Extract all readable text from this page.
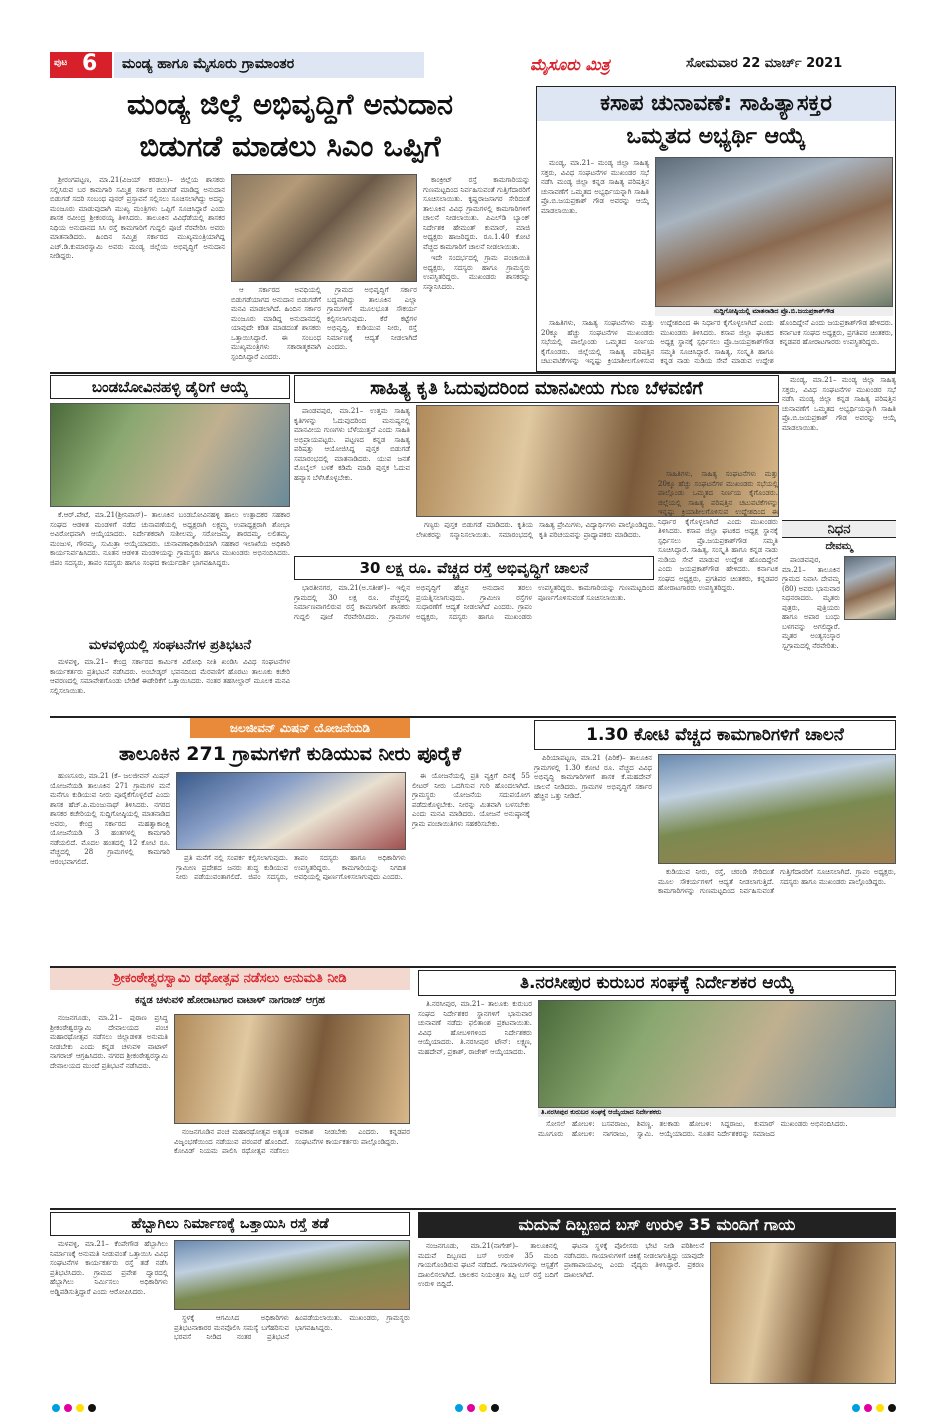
ಪುಟ 6 ಮಂಡ್ಯ ಹಾಗೂ ಮೈಸೂರು ಗ್ರಾಮಾಂತರ	ಮೈಸೂರು ಮಿತ್ರ	ಸೋಮವಾರ 22 ಮಾರ್ಚ್ 2021
ಮಂಡ್ಯ ಜಿಲ್ಲೆ ಅಭಿವೃದ್ಧಿಗೆ ಅನುದಾನ
ಬಿಡುಗಡೆ ಮಾಡಲು ಸಿಎಂ ಒಪ್ಪಿಗೆ

ಶ್ರೀರಂಗಪಟ್ಟಣ, ಮಾ.21(ವಿಜಯ್ ಕರಡಲು)– ಜಿಲ್ಲೆಯ ಶಾಸಕರು ಸಲ್ಲಿಸಿರುವ ಬರ ಕಾಮಗಾರಿ ಸಮ್ಮಿಶ್ರ ಸರ್ಕಾರ ಬಿಡುಗಡೆ ಮಾಡಿದ್ದ ಅನುದಾನ ಬಿಡುಗಡೆ ಸದರಿ ಸಂಬಂಧ ಪುನರ್ ಪ್ರಸ್ತಾವನೆ ಸಲ್ಲಿಸಲು ಸೂಚಿಸಲಾಗಿದ್ದು ಅದನ್ನು ಮಂಜೂರು ಮಾಡುವುದಾಗಿ ಮುಖ್ಯ ಮಂತ್ರಿಗಳು ಒಪ್ಪಿಗೆ ಸೂಚಿಸಿದ್ದಾರೆ ಎಂದು ಶಾಸಕ ರವೀಂದ್ರ ಶ್ರೀಕಂಠಯ್ಯ ತಿಳಿಸಿದರು. ತಾಲೂಕಿನ ವಿವಿಧೆಡೆಯಲ್ಲಿ ಶಾಸಕರ ನಿಧಿಯ ಅನುದಾನದ ಸಿಸಿ ರಸ್ತೆ ಕಾಮಗಾರಿಗೆ ಗುದ್ದಲಿ ಪೂಜೆ ನೆರವೇರಿಸಿ ಅವರು ಮಾತನಾಡಿದರು. ಹಿಂದಿನ ಸಮ್ಮಿಶ್ರ ಸರ್ಕಾರದ ಮುಖ್ಯಮಂತ್ರಿಯಾಗಿದ್ದ ಎಚ್.ಡಿ.ಕುಮಾರಸ್ವಾಮಿ ಅವರು ಮಂಡ್ಯ ಜಿಲ್ಲೆಯ ಅಭಿವೃದ್ಧಿಗೆ ಅನುದಾನ ನೀಡಿದ್ದರು.

ಆ ಸರ್ಕಾರದ ಅವಧಿಯಲ್ಲಿ ಬಿಡುಗಡೆಯಾಗದ ಅನುದಾನ ಬಿಡುಗಡೆಗೆ ಮನವಿ ಮಾಡಲಾಗಿದೆ. ಹಿಂದಿನ ಸರ್ಕಾರ ಮಂಜೂರು ಮಾಡಿದ್ದ ಅನುದಾನದಲ್ಲಿ ಯಾವುದೇ ಕಡಿತ ಮಾಡದಂತೆ ಶಾಸಕರು ಒತ್ತಾಯಿಸಿದ್ದಾರೆ. ಈ ಸಂಬಂಧ ಮುಖ್ಯಮಂತ್ರಿಗಳು ಸಕಾರಾತ್ಮಕವಾಗಿ ಸ್ಪಂದಿಸಿದ್ದಾರೆ ಎಂದರು.

ಗ್ರಾಮದ ಅಭಿವೃದ್ಧಿಗೆ ಸರ್ಕಾರ ಬದ್ಧವಾಗಿದ್ದು ತಾಲೂಕಿನ ಎಲ್ಲಾ ಗ್ರಾಮಗಳಿಗೆ ಮೂಲಭೂತ ಸೌಕರ್ಯ ಕಲ್ಪಿಸಲಾಗುವುದು. ಕೆರೆ ಕಟ್ಟೆಗಳ ಅಭಿವೃದ್ಧಿ, ಕುಡಿಯುವ ನೀರು, ರಸ್ತೆ ನಿರ್ಮಾಣಕ್ಕೆ ಆದ್ಯತೆ ನೀಡಲಾಗಿದೆ ಎಂದರು.

ಕಾಂಕ್ರೀಟ್ ರಸ್ತೆ ಕಾಮಗಾರಿಯನ್ನು ಗುಣಮಟ್ಟದಿಂದ ನಿರ್ವಹಿಸುವಂತೆ ಗುತ್ತಿಗೆದಾರರಿಗೆ ಸೂಚಿಸಲಾಯಿತು. ಕೃಷ್ಣರಾಜಸಾಗರ ಸೇರಿದಂತೆ ತಾಲೂಕಿನ ವಿವಿಧ ಗ್ರಾಮಗಳಲ್ಲಿ ಕಾಮಗಾರಿಗಳಿಗೆ ಚಾಲನೆ ನೀಡಲಾಯಿತು. ಪಿಎಲ್‌ಡಿ ಬ್ಯಾಂಕ್ ನಿರ್ದೇಶಕ ಹೇಮಂತ್ ಕುಮಾರ್, ಮಾಜಿ ಅಧ್ಯಕ್ಷರು ಹಾಜರಿದ್ದರು. ರೂ.1.40 ಕೋಟಿ ವೆಚ್ಚದ ಕಾಮಗಾರಿಗೆ ಚಾಲನೆ ನೀಡಲಾಯಿತು.

ಇದೇ ಸಂದರ್ಭದಲ್ಲಿ ಗ್ರಾಮ ಪಂಚಾಯಿತಿ ಅಧ್ಯಕ್ಷರು, ಸದಸ್ಯರು ಹಾಗೂ ಗ್ರಾಮಸ್ಥರು ಉಪಸ್ಥಿತರಿದ್ದರು. ಮುಖಂಡರು ಶಾಸಕರನ್ನು ಸನ್ಮಾನಿಸಿದರು.

ಕಸಾಪ ಚುನಾವಣೆ: ಸಾಹಿತ್ಯಾಸಕ್ತರ
ಒಮ್ಮತದ ಅಭ್ಯರ್ಥಿ ಆಯ್ಕೆ

ಮಂಡ್ಯ, ಮಾ.21– ಮಂಡ್ಯ ಜಿಲ್ಲಾ ಸಾಹಿತ್ಯ ಸಕ್ತರು, ವಿವಿಧ ಸಂಘಟನೆಗಳ ಮುಖಂಡರ ಸಭೆ ನಡೆಸಿ ಮಂಡ್ಯ ಜಿಲ್ಲಾ ಕನ್ನಡ ಸಾಹಿತ್ಯ ಪರಿಷತ್ತಿನ ಚುನಾವಣೆಗೆ ಒಮ್ಮತದ ಅಭ್ಯರ್ಥಿಯನ್ನಾಗಿ ಸಾಹಿತಿ ಪ್ರೊ.ಬಿ.ಜಯಪ್ರಕಾಶ್ ಗೌಡ ಅವರನ್ನು ಆಯ್ಕೆ ಮಾಡಲಾಯಿತು.

ಸುದ್ದಿಗೋಷ್ಠಿಯಲ್ಲಿ ಮಾತನಾಡಿದ ಪ್ರೊ.ಬಿ.ಜಯಪ್ರಕಾಶ್‌ಗೌಡ

ಸಾಹಿತಿಗಳು, ಸಾಹಿತ್ಯ ಸಂಘಟನೆಗಳು ಮತ್ತು 20ಕ್ಕೂ ಹೆಚ್ಚು ಸಂಘಟನೆಗಳ ಮುಖಂಡರು ಸಭೆಯಲ್ಲಿ ಪಾಲ್ಗೊಂಡು ಒಮ್ಮತದ ನಿರ್ಣಯ ಕೈಗೊಂಡರು. ಜಿಲ್ಲೆಯಲ್ಲಿ ಸಾಹಿತ್ಯ ಪರಿಷತ್ತಿನ ಚಟುವಟಿಕೆಗಳನ್ನು ಇನ್ನಷ್ಟು ಕ್ರಿಯಾಶೀಲಗೊಳಿಸುವ ಉದ್ದೇಶದಿಂದ ಈ ನಿರ್ಧಾರ ಕೈಗೊಳ್ಳಲಾಗಿದೆ ಎಂದು ಮುಖಂಡರು ತಿಳಿಸಿದರು. ಕಸಾಪ ಜಿಲ್ಲಾ ಘಟಕದ ಅಧ್ಯಕ್ಷ ಸ್ಥಾನಕ್ಕೆ ಸ್ಪರ್ಧಿಸಲು ಪ್ರೊ.ಜಯಪ್ರಕಾಶ್‌ಗೌಡ ಸಮ್ಮತಿ ಸೂಚಿಸಿದ್ದಾರೆ. ಸಾಹಿತ್ಯ, ಸಂಸ್ಕೃತಿ ಹಾಗೂ ಕನ್ನಡ ನಾಡು ನುಡಿಯ ಸೇವೆ ಮಾಡುವ ಉದ್ದೇಶ ಹೊಂದಿದ್ದೇನೆ ಎಂದು ಜಯಪ್ರಕಾಶ್‌ಗೌಡ ಹೇಳಿದರು. ಕರ್ನಾಟಕ ಸಂಘದ ಅಧ್ಯಕ್ಷರು, ಪ್ರಗತಿಪರ ಚಿಂತಕರು, ಕನ್ನಡಪರ ಹೋರಾಟಗಾರರು ಉಪಸ್ಥಿತರಿದ್ದರು.

ಬಂಡಬೋವಿನಹಳ್ಳಿ ಡೈರಿಗೆ ಆಯ್ಕೆ

ಕೆ.ಆರ್.ಪೇಟೆ, ಮಾ.21(ಶ್ರೀನಿವಾಸ್)– ತಾಲೂಕಿನ ಬಂಡಬೋವಿನಹಳ್ಳಿ ಹಾಲು ಉತ್ಪಾದಕರ ಸಹಕಾರ ಸಂಘದ ಆಡಳಿತ ಮಂಡಳಿಗೆ ನಡೆದ ಚುನಾವಣೆಯಲ್ಲಿ ಅಧ್ಯಕ್ಷರಾಗಿ ಲಕ್ಷ್ಮಮ್ಮ ಉಪಾಧ್ಯಕ್ಷರಾಗಿ ಶೋಭಾ ಅವಿರೋಧವಾಗಿ ಆಯ್ಕೆಯಾದರು. ನಿರ್ದೇಶಕರಾಗಿ ಸುಶೀಲಮ್ಮ, ಸರೋಜಮ್ಮ, ಶಾರದಮ್ಮ, ಲಲಿತಮ್ಮ, ಮಂಜುಳ, ಗೌರಮ್ಮ, ಸುಮಿತ್ರಾ ಆಯ್ಕೆಯಾದರು. ಚುನಾವಣಾಧಿಕಾರಿಯಾಗಿ ಸಹಕಾರ ಇಲಾಖೆಯ ಅಧಿಕಾರಿ ಕಾರ್ಯನಿರ್ವಹಿಸಿದರು. ನೂತನ ಆಡಳಿತ ಮಂಡಳಿಯನ್ನು ಗ್ರಾಮಸ್ಥರು ಹಾಗೂ ಮುಖಂಡರು ಅಭಿನಂದಿಸಿದರು. ಜಿಪಂ ಸದಸ್ಯರು, ತಾಪಂ ಸದಸ್ಯರು ಹಾಗೂ ಸಂಘದ ಕಾರ್ಯದರ್ಶಿ ಭಾಗವಹಿಸಿದ್ದರು.

ಮಳವಳ್ಳಿಯಲ್ಲಿ ಸಂಘಟನೆಗಳ ಪ್ರತಿಭಟನೆ

ಮಳವಳ್ಳಿ, ಮಾ.21– ಕೇಂದ್ರ ಸರ್ಕಾರದ ಕಾರ್ಮಿಕ ವಿರೋಧಿ ನೀತಿ ಖಂಡಿಸಿ ವಿವಿಧ ಸಂಘಟನೆಗಳ ಕಾರ್ಯಕರ್ತರು ಪ್ರತಿಭಟನೆ ನಡೆಸಿದರು. ಅಂಬೇಡ್ಕರ್ ಭವನದಿಂದ ಮೆರವಣಿಗೆ ಹೊರಟು ತಾಲೂಕು ಕಚೇರಿ ಆವರಣದಲ್ಲಿ ಸಮಾವೇಶಗೊಂಡು ಬೇಡಿಕೆ ಈಡೇರಿಕೆಗೆ ಒತ್ತಾಯಿಸಿದರು. ನಂತರ ತಹಸೀಲ್ದಾರ್ ಮೂಲಕ ಮನವಿ ಸಲ್ಲಿಸಲಾಯಿತು.

ಸಾಹಿತ್ಯ ಕೃತಿ ಓದುವುದರಿಂದ ಮಾನವೀಯ ಗುಣ ಬೆಳವಣಿಗೆ

ಪಾಂಡವಪುರ, ಮಾ.21– ಉತ್ತಮ ಸಾಹಿತ್ಯ ಕೃತಿಗಳನ್ನು ಓದುವುದರಿಂದ ಮನುಷ್ಯನಲ್ಲಿ ಮಾನವೀಯ ಗುಣಗಳು ಬೆಳೆಯುತ್ತವೆ ಎಂದು ಸಾಹಿತಿ ಅಭಿಪ್ರಾಯಪಟ್ಟರು. ಪಟ್ಟಣದ ಕನ್ನಡ ಸಾಹಿತ್ಯ ಪರಿಷತ್ತು ಆಯೋಜಿಸಿದ್ದ ಪುಸ್ತಕ ಬಿಡುಗಡೆ ಸಮಾರಂಭದಲ್ಲಿ ಮಾತನಾಡಿದರು. ಯುವ ಜನತೆ ಮೊಬೈಲ್ ಬಳಕೆ ಕಡಿಮೆ ಮಾಡಿ ಪುಸ್ತಕ ಓದುವ ಹವ್ಯಾಸ ಬೆಳೆಸಿಕೊಳ್ಳಬೇಕು.

ಗಣ್ಯರು ಪುಸ್ತಕ ಬಿಡುಗಡೆ ಮಾಡಿದರು. ಕೃತಿಯ ಲೇಖಕರನ್ನು ಸನ್ಮಾನಿಸಲಾಯಿತು. ಸಮಾರಂಭದಲ್ಲಿ ಸಾಹಿತ್ಯ ಪ್ರೇಮಿಗಳು, ವಿದ್ಯಾರ್ಥಿಗಳು ಪಾಲ್ಗೊಂಡಿದ್ದರು. ಕೃತಿ ಪರಿಚಯವನ್ನು ಪ್ರಾಧ್ಯಾಪಕರು ಮಾಡಿದರು.

30 ಲಕ್ಷ ರೂ. ವೆಚ್ಚದ ರಸ್ತೆ ಅಭಿವೃದ್ಧಿಗೆ ಚಾಲನೆ

ಭಾರತೀನಗರ, ಮಾ.21(ಅ.ಸತೀಶ್)– ಇಲ್ಲಿನ ಗ್ರಾಮದಲ್ಲಿ 30 ಲಕ್ಷ ರೂ. ವೆಚ್ಚದಲ್ಲಿ ನಿರ್ಮಾಣವಾಗಲಿರುವ ರಸ್ತೆ ಕಾಮಗಾರಿಗೆ ಶಾಸಕರು ಗುದ್ದಲಿ ಪೂಜೆ ನೆರವೇರಿಸಿದರು. ಗ್ರಾಮಗಳ ಅಭಿವೃದ್ಧಿಗೆ ಹೆಚ್ಚಿನ ಅನುದಾನ ತರಲು ಪ್ರಯತ್ನಿಸಲಾಗುವುದು. ಗ್ರಾಮೀಣ ರಸ್ತೆಗಳ ಸುಧಾರಣೆಗೆ ಆದ್ಯತೆ ನೀಡಲಾಗಿದೆ ಎಂದರು. ಗ್ರಾಪಂ ಅಧ್ಯಕ್ಷರು, ಸದಸ್ಯರು ಹಾಗೂ ಮುಖಂಡರು ಉಪಸ್ಥಿತರಿದ್ದರು. ಕಾಮಗಾರಿಯನ್ನು ಗುಣಮಟ್ಟದಿಂದ ಪೂರ್ಣಗೊಳಿಸುವಂತೆ ಸೂಚಿಸಲಾಯಿತು.

ಸಾಹಿತಿಗಳು, ಸಾಹಿತ್ಯ ಸಂಘಟನೆಗಳು ಮತ್ತು 20ಕ್ಕೂ ಹೆಚ್ಚು ಸಂಘಟನೆಗಳ ಮುಖಂಡರು ಸಭೆಯಲ್ಲಿ ಪಾಲ್ಗೊಂಡು ಒಮ್ಮತದ ನಿರ್ಣಯ ಕೈಗೊಂಡರು. ಜಿಲ್ಲೆಯಲ್ಲಿ ಸಾಹಿತ್ಯ ಪರಿಷತ್ತಿನ ಚಟುವಟಿಕೆಗಳನ್ನು ಇನ್ನಷ್ಟು ಕ್ರಿಯಾಶೀಲಗೊಳಿಸುವ ಉದ್ದೇಶದಿಂದ ಈ ನಿರ್ಧಾರ ಕೈಗೊಳ್ಳಲಾಗಿದೆ ಎಂದು ಮುಖಂಡರು ತಿಳಿಸಿದರು. ಕಸಾಪ ಜಿಲ್ಲಾ ಘಟಕದ ಅಧ್ಯಕ್ಷ ಸ್ಥಾನಕ್ಕೆ ಸ್ಪರ್ಧಿಸಲು ಪ್ರೊ.ಜಯಪ್ರಕಾಶ್‌ಗೌಡ ಸಮ್ಮತಿ ಸೂಚಿಸಿದ್ದಾರೆ. ಸಾಹಿತ್ಯ, ಸಂಸ್ಕೃತಿ ಹಾಗೂ ಕನ್ನಡ ನಾಡು ನುಡಿಯ ಸೇವೆ ಮಾಡುವ ಉದ್ದೇಶ ಹೊಂದಿದ್ದೇನೆ ಎಂದು ಜಯಪ್ರಕಾಶ್‌ಗೌಡ ಹೇಳಿದರು. ಕರ್ನಾಟಕ ಸಂಘದ ಅಧ್ಯಕ್ಷರು, ಪ್ರಗತಿಪರ ಚಿಂತಕರು, ಕನ್ನಡಪರ ಹೋರಾಟಗಾರರು ಉಪಸ್ಥಿತರಿದ್ದರು.

ಮಂಡ್ಯ, ಮಾ.21– ಮಂಡ್ಯ ಜಿಲ್ಲಾ ಸಾಹಿತ್ಯ ಸಕ್ತರು, ವಿವಿಧ ಸಂಘಟನೆಗಳ ಮುಖಂಡರ ಸಭೆ ನಡೆಸಿ ಮಂಡ್ಯ ಜಿಲ್ಲಾ ಕನ್ನಡ ಸಾಹಿತ್ಯ ಪರಿಷತ್ತಿನ ಚುನಾವಣೆಗೆ ಒಮ್ಮತದ ಅಭ್ಯರ್ಥಿಯನ್ನಾಗಿ ಸಾಹಿತಿ ಪ್ರೊ.ಬಿ.ಜಯಪ್ರಕಾಶ್ ಗೌಡ ಅವರನ್ನು ಆಯ್ಕೆ ಮಾಡಲಾಯಿತು.

ನಿಧನ
ದೇವಮ್ಮ

ಪಾಂಡವಪುರ, ಮಾ.21– ತಾಲೂಕಿನ ಗ್ರಾಮದ ನಿವಾಸಿ ದೇವಮ್ಮ (80) ಅವರು ಭಾನುವಾರ ನಿಧನರಾದರು. ಮೃತರು ಪುತ್ರರು, ಪುತ್ರಿಯರು ಹಾಗೂ ಅಪಾರ ಬಂಧು ಬಳಗವನ್ನು ಅಗಲಿದ್ದಾರೆ. ಮೃತರ ಅಂತ್ಯಸಂಸ್ಕಾರ ಸ್ವಗ್ರಾಮದಲ್ಲಿ ನೆರವೇರಿತು.

ಜಲಜೀವನ್ ಮಿಷನ್ ಯೋಜನೆಯಡಿ
ತಾಲೂಕಿನ 271 ಗ್ರಾಮಗಳಿಗೆ ಕುಡಿಯುವ ನೀರು ಪೂರೈಕೆ

ಹುಣಸೂರು, ಮಾ.21 (ಕೆ– ಜಲಜೀವನ್ ಮಿಷನ್ ಯೋಜನೆಯಡಿ ತಾಲೂಕಿನ 271 ಗ್ರಾಮಗಳ ಮನೆ ಮನೆಗೂ ಕುಡಿಯುವ ನೀರು ಪೂರೈಕೆಗೊಳ್ಳಲಿದೆ ಎಂದು ಶಾಸಕ ಹೆಚ್.ಪಿ.ಮಂಜುನಾಥ್ ತಿಳಿಸಿದರು. ನಗರದ ಶಾಸಕರ ಕಚೇರಿಯಲ್ಲಿ ಸುದ್ದಿಗೋಷ್ಠಿಯಲ್ಲಿ ಮಾತನಾಡಿದ ಅವರು, ಕೇಂದ್ರ ಸರ್ಕಾರದ ಮಹತ್ವಾಕಾಂಕ್ಷಿ ಯೋಜನೆಯಡಿ 3 ಹಂತಗಳಲ್ಲಿ ಕಾಮಗಾರಿ ನಡೆಯಲಿದೆ. ಮೊದಲ ಹಂತದಲ್ಲಿ 12 ಕೋಟಿ ರೂ. ವೆಚ್ಚದಲ್ಲಿ 28 ಗ್ರಾಮಗಳಲ್ಲಿ ಕಾಮಗಾರಿ ಆರಂಭವಾಗಲಿದೆ.	ಪ್ರತಿ ಮನೆಗೆ ನಲ್ಲಿ ಸಂಪರ್ಕ ಕಲ್ಪಿಸಲಾಗುವುದು. ಗ್ರಾಮೀಣ ಪ್ರದೇಶದ ಜನರು ಶುದ್ಧ ಕುಡಿಯುವ ನೀರು ಪಡೆಯುವಂತಾಗಲಿದೆ. ಜಿಪಂ ಸದಸ್ಯರು, ತಾಪಂ ಸದಸ್ಯರು ಹಾಗೂ ಅಧಿಕಾರಿಗಳು ಉಪಸ್ಥಿತರಿದ್ದರು. ಕಾಮಗಾರಿಯನ್ನು ನಿಗದಿತ ಅವಧಿಯಲ್ಲಿ ಪೂರ್ಣಗೊಳಿಸಲಾಗುವುದು ಎಂದರು.

ಈ ಯೋಜನೆಯಲ್ಲಿ ಪ್ರತಿ ವ್ಯಕ್ತಿಗೆ ದಿನಕ್ಕೆ 55 ಲೀಟರ್ ನೀರು ಒದಗಿಸುವ ಗುರಿ ಹೊಂದಲಾಗಿದೆ. ಗ್ರಾಮಸ್ಥರು ಯೋಜನೆಯ ಸದುಪಯೋಗ ಪಡೆದುಕೊಳ್ಳಬೇಕು. ನೀರನ್ನು ಮಿತವಾಗಿ ಬಳಸಬೇಕು ಎಂದು ಮನವಿ ಮಾಡಿದರು. ಯೋಜನೆ ಅನುಷ್ಠಾನಕ್ಕೆ ಗ್ರಾಮ ಪಂಚಾಯಿತಿಗಳು ಸಹಕರಿಸಬೇಕು.

1.30 ಕೋಟಿ ವೆಚ್ಚದ ಕಾಮಗಾರಿಗಳಿಗೆ ಚಾಲನೆ

ಪಿರಿಯಾಪಟ್ಟಣ, ಮಾ.21 (ಪಿರಿಕೆ)– ತಾಲೂಕಿನ ಗ್ರಾಮಗಳಲ್ಲಿ 1.30 ಕೋಟಿ ರೂ. ವೆಚ್ಚದ ವಿವಿಧ ಅಭಿವೃದ್ಧಿ ಕಾಮಗಾರಿಗಳಿಗೆ ಶಾಸಕ ಕೆ.ಮಹದೇವ್ ಚಾಲನೆ ನೀಡಿದರು. ಗ್ರಾಮಗಳ ಅಭಿವೃದ್ಧಿಗೆ ಸರ್ಕಾರ ಹೆಚ್ಚಿನ ಒತ್ತು ನೀಡಿದೆ.

ಕುಡಿಯುವ ನೀರು, ರಸ್ತೆ, ಚರಂಡಿ ಸೇರಿದಂತೆ ಮೂಲ ಸೌಕರ್ಯಗಳಿಗೆ ಆದ್ಯತೆ ನೀಡಲಾಗುತ್ತಿದೆ. ಕಾಮಗಾರಿಗಳನ್ನು ಗುಣಮಟ್ಟದಿಂದ ನಿರ್ವಹಿಸುವಂತೆ ಗುತ್ತಿಗೆದಾರರಿಗೆ ಸೂಚಿಸಲಾಗಿದೆ. ಗ್ರಾಪಂ ಅಧ್ಯಕ್ಷರು, ಸದಸ್ಯರು ಹಾಗೂ ಮುಖಂಡರು ಪಾಲ್ಗೊಂಡಿದ್ದರು.

ಶ್ರೀಕಂಠೇಶ್ವರಸ್ವಾಮಿ ರಥೋತ್ಸವ ನಡೆಸಲು ಅನುಮತಿ ನೀಡಿ
ಕನ್ನಡ ಚಳುವಳಿ ಹೋರಾಟಗಾರ ವಾಟಾಳ್ ನಾಗರಾಜ್ ಆಗ್ರಹ

ನಂಜನಗೂಡು, ಮಾ.21– ಪುರಾಣ ಪ್ರಸಿದ್ಧ ಶ್ರೀಕಂಠೇಶ್ವರಸ್ವಾಮಿ ದೇವಾಲಯದ ಪಂಚ ಮಹಾರಥೋತ್ಸವ ನಡೆಸಲು ಜಿಲ್ಲಾಡಳಿತ ಅನುಮತಿ ನೀಡಬೇಕು ಎಂದು ಕನ್ನಡ ಚಳುವಳಿ ವಾಟಾಳ್ ನಾಗರಾಜ್ ಆಗ್ರಹಿಸಿದರು. ನಗರದ ಶ್ರೀಕಂಠೇಶ್ವರಸ್ವಾಮಿ ದೇವಾಲಯದ ಮುಂದೆ ಪ್ರತಿಭಟನೆ ನಡೆಸಿದರು.

ನಂಜನಗೂಡಿನ ಪಂಚ ಮಹಾರಥೋತ್ಸವ ಅತ್ಯಂತ ವಿಜೃಂಭಣೆಯಿಂದ ನಡೆಯುವ ಪರಂಪರೆ ಹೊಂದಿದೆ. ಕೋವಿಡ್ ನಿಯಮ ಪಾಲಿಸಿ ರಥೋತ್ಸವ ನಡೆಸಲು ಅವಕಾಶ ನೀಡಬೇಕು ಎಂದರು. ಕನ್ನಡಪರ ಸಂಘಟನೆಗಳ ಕಾರ್ಯಕರ್ತರು ಪಾಲ್ಗೊಂಡಿದ್ದರು.

ತಿ.ನರಸೀಪುರ ಕುರುಬರ ಸಂಘಕ್ಕೆ ನಿರ್ದೇಶಕರ ಆಯ್ಕೆ

ತಿ.ನರಸೀಪುರ, ಮಾ.21– ತಾಲೂಕು ಕುರುಬರ ಸಂಘದ ನಿರ್ದೇಶಕರ ಸ್ಥಾನಗಳಿಗೆ ಭಾನುವಾರ ಚುನಾವಣೆ ನಡೆದು ಫಲಿತಾಂಶ ಪ್ರಕಟವಾಯಿತು. ವಿವಿಧ ಹೋಬಳಿಗಳಿಂದ ನಿರ್ದೇಶಕರು ಆಯ್ಕೆಯಾದರು. ತಿ.ನರಸೀಪುರ ಟೌನ್: ಲಕ್ಷ್ಮಣ, ಮಹದೇವ್, ಪ್ರಕಾಶ್, ರಾಜೇಶ್ ಆಯ್ಕೆಯಾದರು.

ತಿ.ನರಸೀಪುರ ಕುರುಬರ ಸಂಘಕ್ಕೆ ಆಯ್ಕೆಯಾದ ನಿರ್ದೇಶಕರು

ಸೋಸಲೆ ಹೋಬಳಿ: ಬಸವರಾಜು, ಶಿವಣ್ಣ. ಮೂಗೂರು ಹೋಬಳಿ: ನಾಗರಾಜು, ಸ್ವಾಮಿ. ತಲಕಾಡು ಹೋಬಳಿ: ಸಿದ್ದರಾಜು, ಕುಮಾರ್ ಆಯ್ಕೆಯಾದರು. ನೂತನ ನಿರ್ದೇಶಕರನ್ನು ಸಮಾಜದ ಮುಖಂಡರು ಅಭಿನಂದಿಸಿದರು.

ಹೆಬ್ಬಾಗಿಲು ನಿರ್ಮಾಣಕ್ಕೆ ಒತ್ತಾಯಿಸಿ ರಸ್ತೆ ತಡೆ

ಮಳವಳ್ಳಿ, ಮಾ.21– ಕೆಂಪೇಗೌಡ ಹೆಬ್ಬಾಗಿಲು ನಿರ್ಮಾಣಕ್ಕೆ ಅನುಮತಿ ನೀಡುವಂತೆ ಒತ್ತಾಯಿಸಿ ವಿವಿಧ ಸಂಘಟನೆಗಳ ಕಾರ್ಯಕರ್ತರು ರಸ್ತೆ ತಡೆ ನಡೆಸಿ ಪ್ರತಿಭಟಿಸಿದರು. ಗ್ರಾಮದ ಪ್ರವೇಶ ದ್ವಾರದಲ್ಲಿ ಹೆಬ್ಬಾಗಿಲು ನಿರ್ಮಿಸಲು ಅಧಿಕಾರಿಗಳು ಅಡ್ಡಿಪಡಿಸುತ್ತಿದ್ದಾರೆ ಎಂದು ಆರೋಪಿಸಿದರು.

ಸ್ಥಳಕ್ಕೆ ಆಗಮಿಸಿದ ಅಧಿಕಾರಿಗಳು ಪ್ರತಿಭಟನಾಕಾರರ ಮನವೊಲಿಸಿ ಸಮಸ್ಯೆ ಬಗೆಹರಿಸುವ ಭರವಸೆ ನೀಡಿದ ನಂತರ ಪ್ರತಿಭಟನೆ ಹಿಂಪಡೆಯಲಾಯಿತು. ಮುಖಂಡರು, ಗ್ರಾಮಸ್ಥರು ಭಾಗವಹಿಸಿದ್ದರು.

ಮದುವೆ ದಿಬ್ಬಣದ ಬಸ್ ಉರುಳಿ 35 ಮಂದಿಗೆ ಗಾಯ

ನಂಜನಗೂಡು, ಮಾ.21(ನಾಗೇಶ್)– ತಾಲೂಕಿನಲ್ಲಿ ಮದುವೆ ದಿಬ್ಬಣದ ಬಸ್ ಉರುಳಿ 35 ಮಂದಿ ಗಾಯಗೊಂಡಿರುವ ಘಟನೆ ನಡೆದಿದೆ. ಗಾಯಾಳುಗಳನ್ನು ಆಸ್ಪತ್ರೆಗೆ ದಾಖಲಿಸಲಾಗಿದೆ. ಚಾಲಕನ ನಿಯಂತ್ರಣ ತಪ್ಪಿ ಬಸ್ ರಸ್ತೆ ಬದಿಗೆ ಉರುಳಿ ಬಿದ್ದಿದೆ.

ಘಟನಾ ಸ್ಥಳಕ್ಕೆ ಪೊಲೀಸರು ಭೇಟಿ ನೀಡಿ ಪರಿಶೀಲನೆ ನಡೆಸಿದರು. ಗಾಯಾಳುಗಳಿಗೆ ಚಿಕಿತ್ಸೆ ನೀಡಲಾಗುತ್ತಿದ್ದು ಯಾವುದೇ ಪ್ರಾಣಾಪಾಯವಿಲ್ಲ ಎಂದು ವೈದ್ಯರು ತಿಳಿಸಿದ್ದಾರೆ. ಪ್ರಕರಣ ದಾಖಲಾಗಿದೆ.
